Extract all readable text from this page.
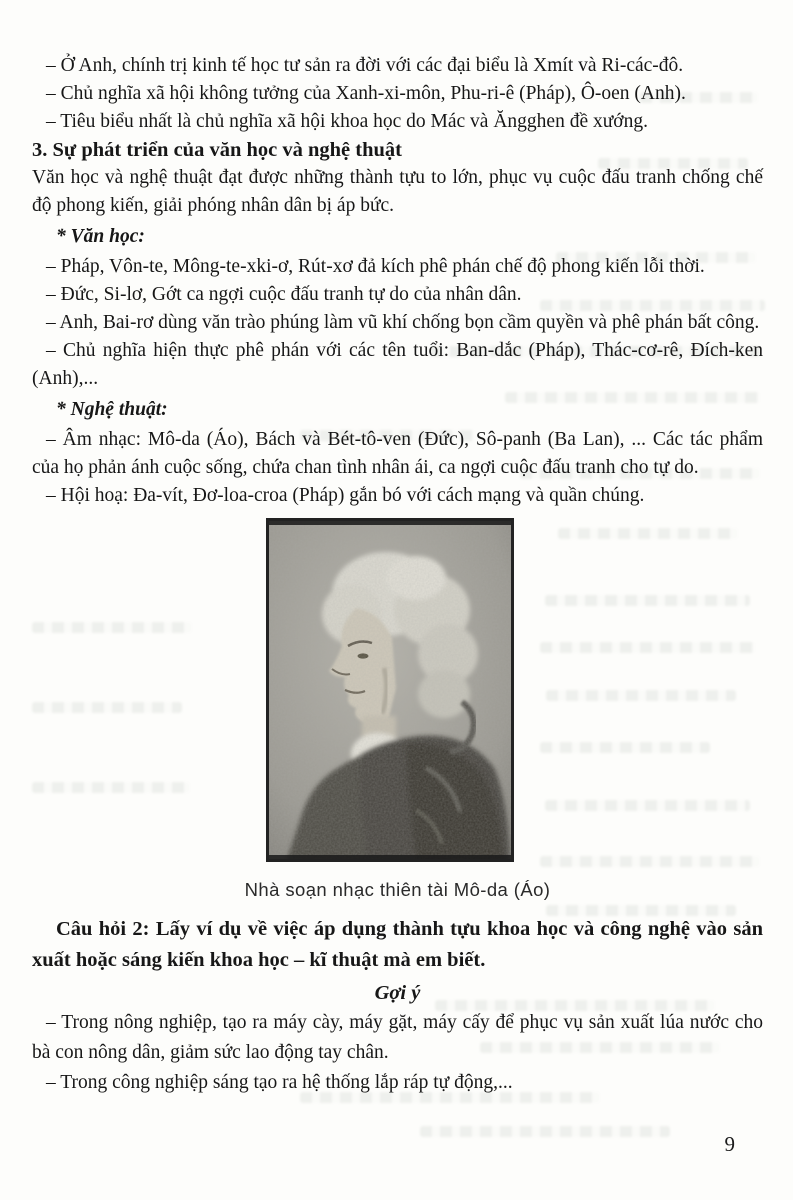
– Ở Anh, chính trị kinh tế học tư sản ra đời với các đại biểu là Xmít và Ri-các-đô.

– Chủ nghĩa xã hội không tưởng của Xanh-xi-môn, Phu-ri-ê (Pháp), Ô-oen (Anh).

– Tiêu biểu nhất là chủ nghĩa xã hội khoa học do Mác và Ăngghen đề xướng.

3. Sự phát triển của văn học và nghệ thuật

Văn học và nghệ thuật đạt được những thành tựu to lớn, phục vụ cuộc đấu tranh chống chế độ phong kiến, giải phóng nhân dân bị áp bức.

* Văn học:

– Pháp, Vôn-te, Mông-te-xki-ơ, Rút-xơ đả kích phê phán chế độ phong kiến lỗi thời.

– Đức, Si-lơ, Gớt ca ngợi cuộc đấu tranh tự do của nhân dân.

– Anh, Bai-rơ dùng văn trào phúng làm vũ khí chống bọn cầm quyền và phê phán bất công.

– Chủ nghĩa hiện thực phê phán với các tên tuổi: Ban-dắc (Pháp), Thác-cơ-rê, Đích-ken (Anh),...

* Nghệ thuật:

– Âm nhạc: Mô-da (Áo), Bách và Bét-tô-ven (Đức), Sô-panh (Ba Lan), ... Các tác phẩm của họ phản ánh cuộc sống, chứa chan tình nhân ái, ca ngợi cuộc đấu tranh cho tự do.

– Hội hoạ: Đa-vít, Đơ-loa-croa (Pháp) gắn bó với cách mạng và quần chúng.

Nhà soạn nhạc thiên tài Mô-da (Áo)

Câu hỏi 2: Lấy ví dụ về việc áp dụng thành tựu khoa học và công nghệ vào sản xuất hoặc sáng kiến khoa học – kĩ thuật mà em biết.

Gợi ý

– Trong nông nghiệp, tạo ra máy cày, máy gặt, máy cấy để phục vụ sản xuất lúa nước cho bà con nông dân, giảm sức lao động tay chân.

– Trong công nghiệp sáng tạo ra hệ thống lắp ráp tự động,...

9
